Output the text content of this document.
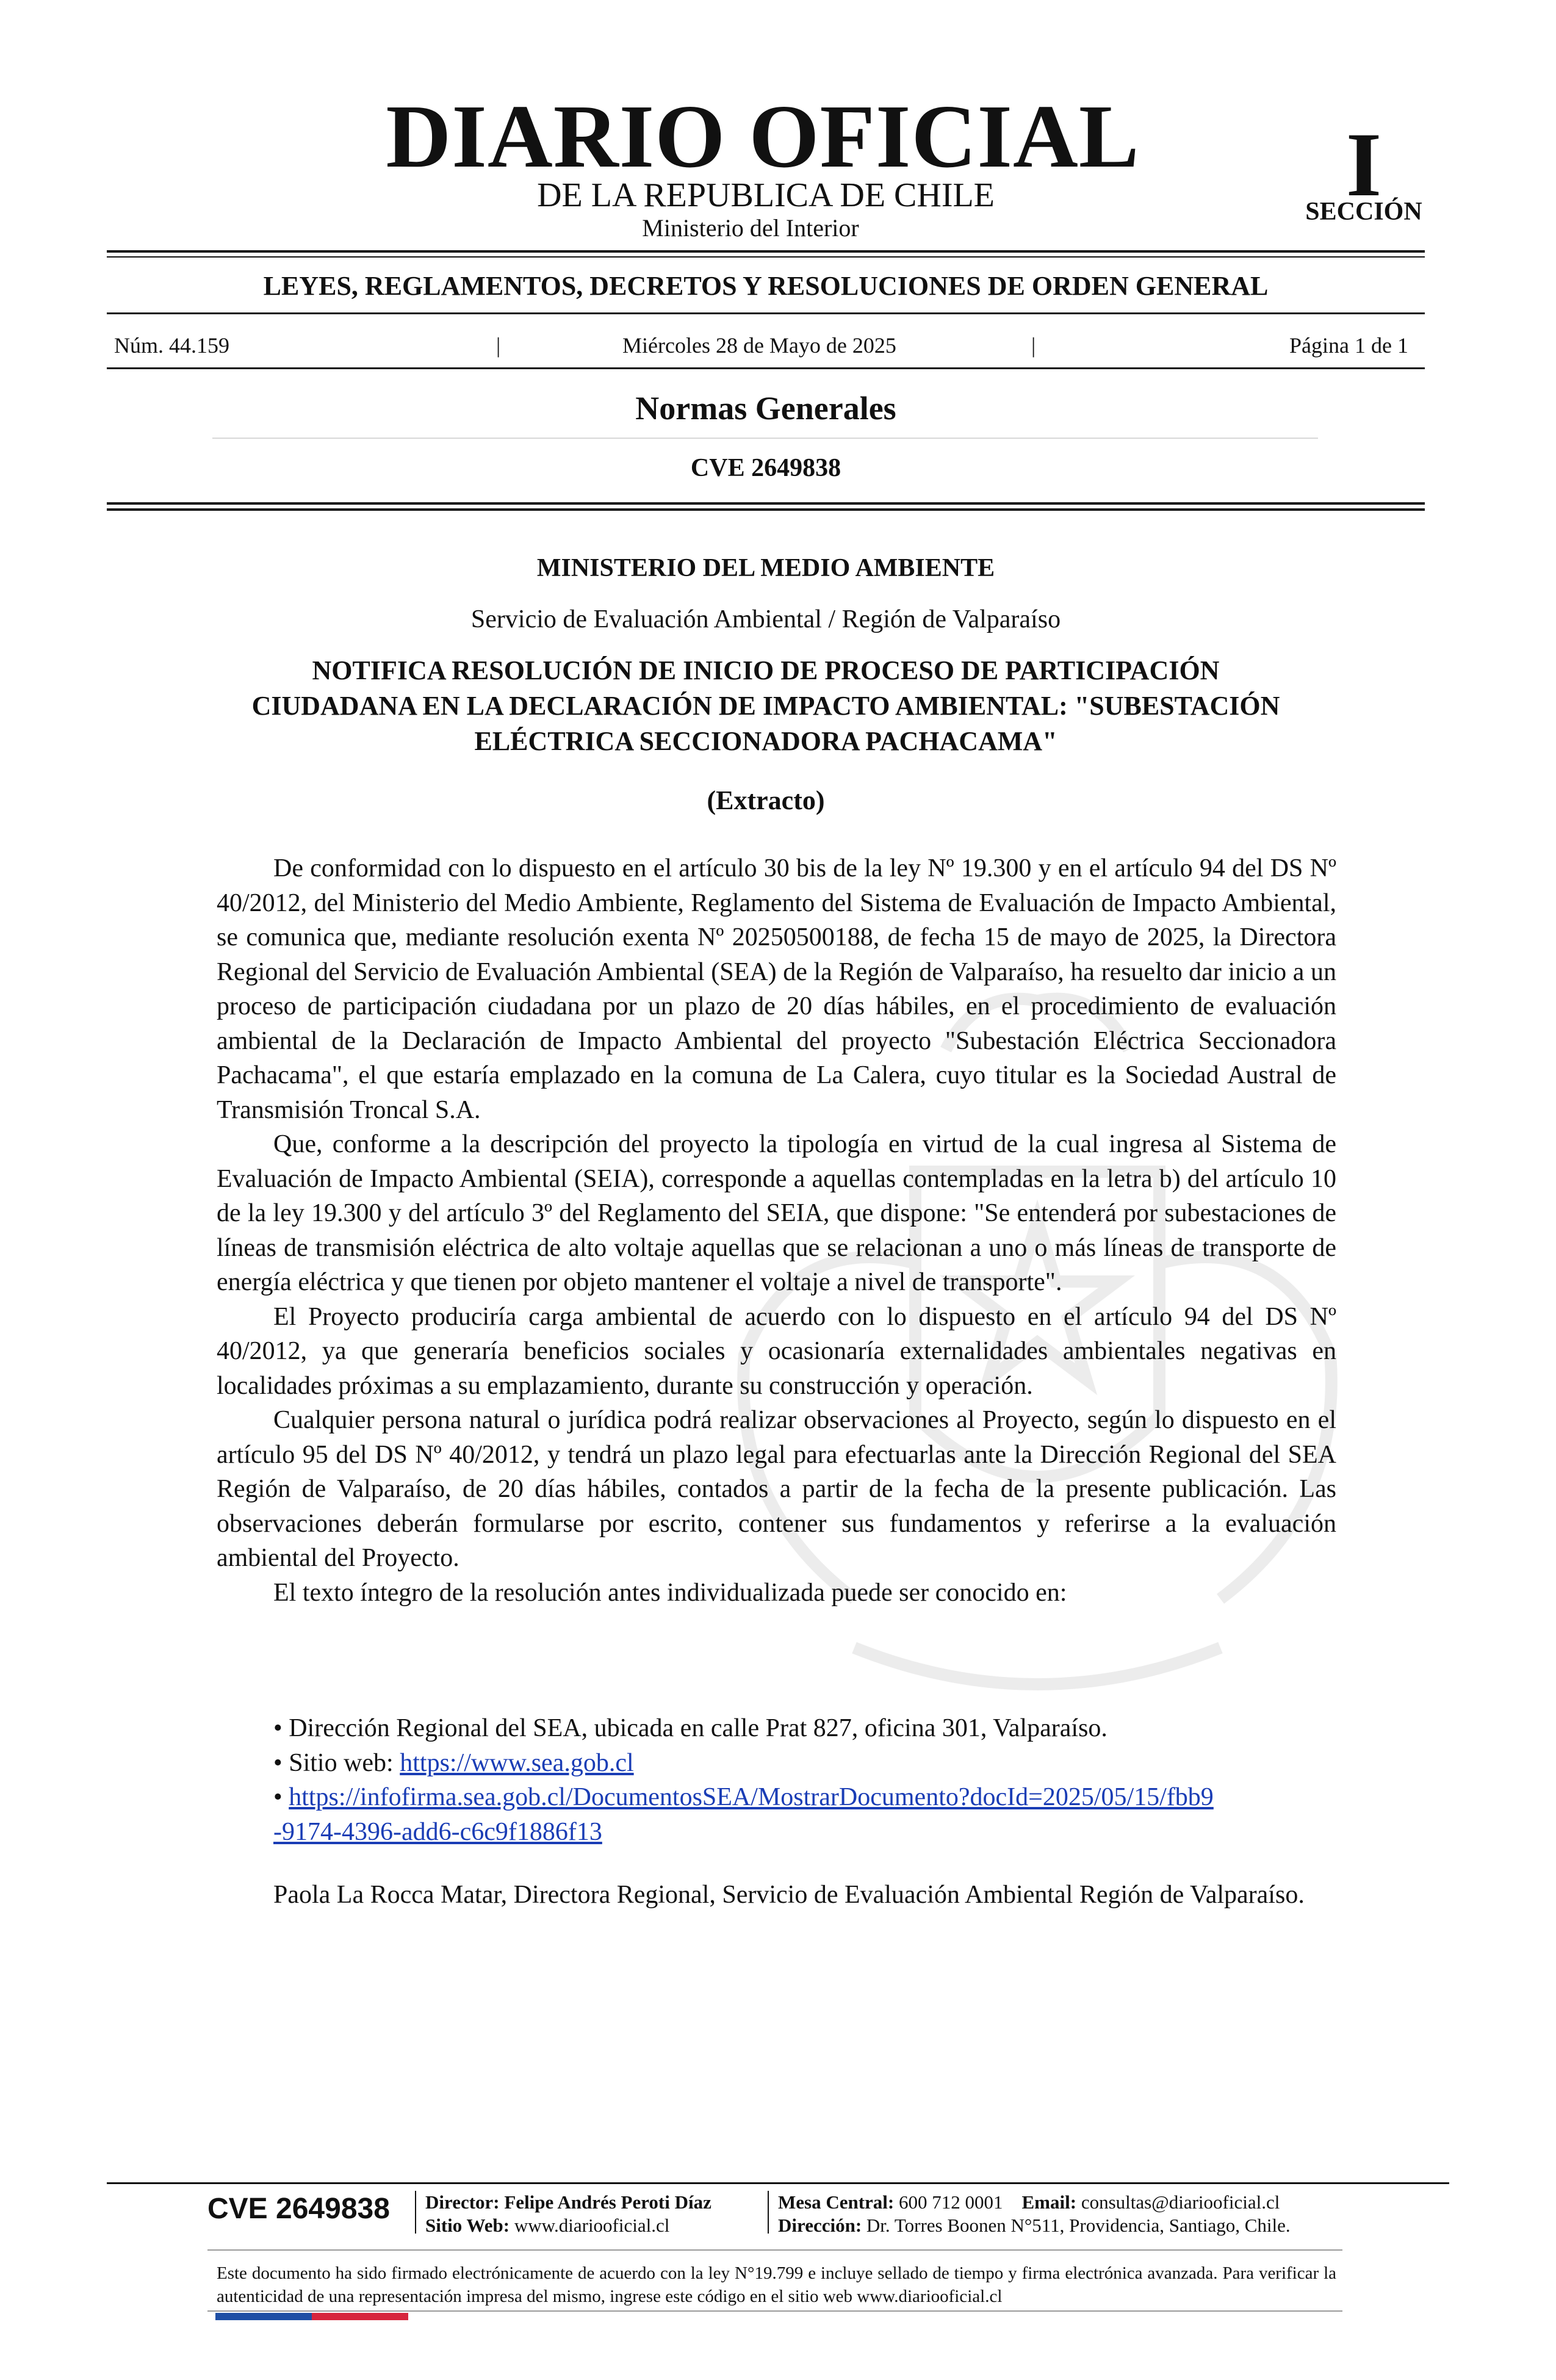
DIARIO OFICIAL
DE LA REPUBLICA DE CHILE
Ministerio del Interior
I
SECCIÓN
LEYES, REGLAMENTOS, DECRETOS Y RESOLUCIONES DE ORDEN GENERAL
Núm. 44.159	|	Miércoles 28 de Mayo de 2025	|	Página 1 de 1
Normas Generales
CVE 2649838
MINISTERIO DEL MEDIO AMBIENTE
Servicio de Evaluación Ambiental / Región de Valparaíso
NOTIFICA RESOLUCIÓN DE INICIO DE PROCESO DE PARTICIPACIÓN
CIUDADANA EN LA DECLARACIÓN DE IMPACTO AMBIENTAL: "SUBESTACIÓN
ELÉCTRICA SECCIONADORA PACHACAMA"
(Extracto)

De conformidad con lo dispuesto en el artículo 30 bis de la ley Nº 19.300 y en el artículo 94 del DS Nº 40/2012, del Ministerio del Medio Ambiente, Reglamento del Sistema de Evaluación de Impacto Ambiental, se comunica que, mediante resolución exenta Nº 20250500188, de fecha 15 de mayo de 2025, la Directora Regional del Servicio de Evaluación Ambiental (SEA) de la Región de Valparaíso, ha resuelto dar inicio a un proceso de participación ciudadana por un plazo de 20 días hábiles, en el procedimiento de evaluación ambiental de la Declaración de Impacto Ambiental del proyecto "Subestación Eléctrica Seccionadora Pachacama", el que estaría emplazado en la comuna de La Calera, cuyo titular es la Sociedad Austral de Transmisión Troncal S.A.

Que, conforme a la descripción del proyecto la tipología en virtud de la cual ingresa al Sistema de Evaluación de Impacto Ambiental (SEIA), corresponde a aquellas contempladas en la letra b) del artículo 10 de la ley 19.300 y del artículo 3º del Reglamento del SEIA, que dispone: "Se entenderá por subestaciones de líneas de transmisión eléctrica de alto voltaje aquellas que se relacionan a uno o más líneas de transporte de energía eléctrica y que tienen por objeto mantener el voltaje a nivel de transporte".

El Proyecto produciría carga ambiental de acuerdo con lo dispuesto en el artículo 94 del DS Nº 40/2012, ya que generaría beneficios sociales y ocasionaría externalidades ambientales negativas en localidades próximas a su emplazamiento, durante su construcción y operación.

Cualquier persona natural o jurídica podrá realizar observaciones al Proyecto, según lo dispuesto en el artículo 95 del DS Nº 40/2012, y tendrá un plazo legal para efectuarlas ante la Dirección Regional del SEA Región de Valparaíso, de 20 días hábiles, contados a partir de la fecha de la presente publicación. Las observaciones deberán formularse por escrito, contener sus fundamentos y referirse a la evaluación ambiental del Proyecto.

El texto íntegro de la resolución antes individualizada puede ser conocido en:

• Dirección Regional del SEA, ubicada en calle Prat 827, oficina 301, Valparaíso.
• Sitio web: https://www.sea.gob.cl
• https://infofirma.sea.gob.cl/DocumentosSEA/MostrarDocumento?docId=2025/05/15/fbb9
-9174-4396-add6-c6c9f1886f13
Paola La Rocca Matar, Directora Regional, Servicio de Evaluación Ambiental Región de Valparaíso.
CVE 2649838 Director: Felipe Andrés Peroti Díaz
Sitio Web: www.diariooficial.cl
Mesa Central: 600 712 0001 Email: consultas@diariooficial.cl
Dirección: Dr. Torres Boonen N°511, Providencia, Santiago, Chile.
Este documento ha sido firmado electrónicamente de acuerdo con la ley N°19.799 e incluye sellado de tiempo y firma electrónica avanzada. Para verificar la autenticidad de una representación impresa del mismo, ingrese este código en el sitio web www.diariooficial.cl
